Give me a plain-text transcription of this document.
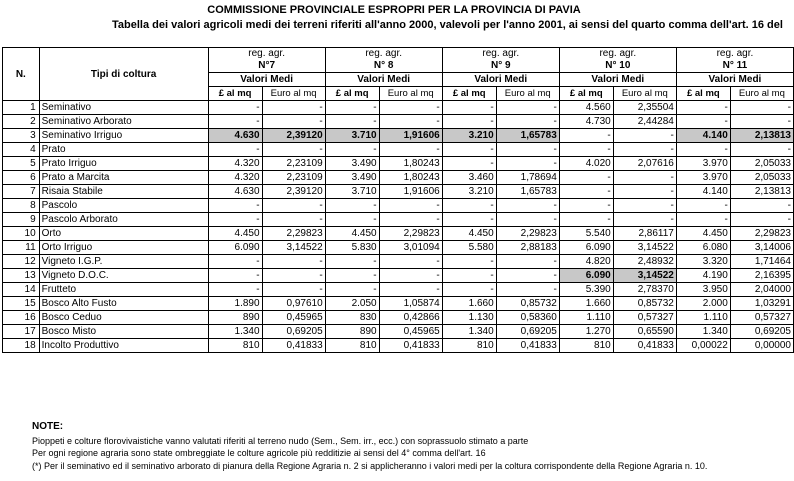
COMMISSIONE PROVINCIALE ESPROPRI PER LA PROVINCIA DI PAVIA
Tabella dei valori agricoli medi dei terreni riferiti all'anno 2000, valevoli per l'anno 2001, ai sensi del quarto comma dell'art. 16 del
N.	Tipi di coltura	reg. agr.		reg. agr.		reg. agr.		reg. agr.		reg. agr.	
		N°7		N° 8		N° 9		N° 10		N° 11	
		Valori Medi		Valori Medi		Valori Medi		Valori Medi		Valori Medi	
		£ al mq	Euro al mq	£ al mq	Euro al mq	£ al mq	Euro al mq	£ al mq	Euro al mq	£ al mq	Euro al mq
1	Seminativo	-	-	-	-	-	-	4.560	2,35504	-	-
2	Seminativo Arborato	-	-	-	-	-	-	4.730	2,44284	-	-
3	Seminativo Irriguo	4.630	2,39120	3.710	1,91606	3.210	1,65783	-	-	4.140	2,13813
4	Prato	-	-	-	-	-	-	-	-	-	-
5	Prato Irriguo	4.320	2,23109	3.490	1,80243	-	-	4.020	2,07616	3.970	2,05033
6	Prato a Marcita	4.320	2,23109	3.490	1,80243	3.460	1,78694	-	-	3.970	2,05033
7	Risaia Stabile	4.630	2,39120	3.710	1,91606	3.210	1,65783	-	-	4.140	2,13813
8	Pascolo	-	-	-	-	-	-	-	-	-	-
9	Pascolo Arborato	-	-	-	-	-	-	-	-	-	-
10	Orto	4.450	2,29823	4.450	2,29823	4.450	2,29823	5.540	2,86117	4.450	2,29823
11	Orto Irriguo	6.090	3,14522	5.830	3,01094	5.580	2,88183	6.090	3,14522	6.080	3,14006
12	Vigneto I.G.P.	-	-	-	-	-	-	4.820	2,48932	3.320	1,71464
13	Vigneto D.O.C.	-	-	-	-	-	-	6.090	3,14522	4.190	2,16395
14	Frutteto	-	-	-	-	-	-	5.390	2,78370	3.950	2,04000
15	Bosco Alto Fusto	1.890	0,97610	2.050	1,05874	1.660	0,85732	1.660	0,85732	2.000	1,03291
16	Bosco Ceduo	890	0,45965	830	0,42866	1.130	0,58360	1.110	0,57327	1.110	0,57327
17	Bosco Misto	1.340	0,69205	890	0,45965	1.340	0,69205	1.270	0,65590	1.340	0,69205
18	Incolto Produttivo	810	0,41833	810	0,41833	810	0,41833	810	0,41833	0,00022	0,00000
NOTE:
Pioppeti e colture florovivaistiche vanno valutati riferiti al terreno nudo (Sem., Sem. irr., ecc.) con soprassuolo stimato a parte
Per ogni regione agraria sono state ombreggiate le colture agricole più redditizie ai sensi del 4° comma dell'art. 16
(*) Per il seminativo ed il seminativo arborato di pianura della Regione Agraria n. 2 si applicheranno i valori medi per la coltura corrispondente della Regione Agraria n. 10.
